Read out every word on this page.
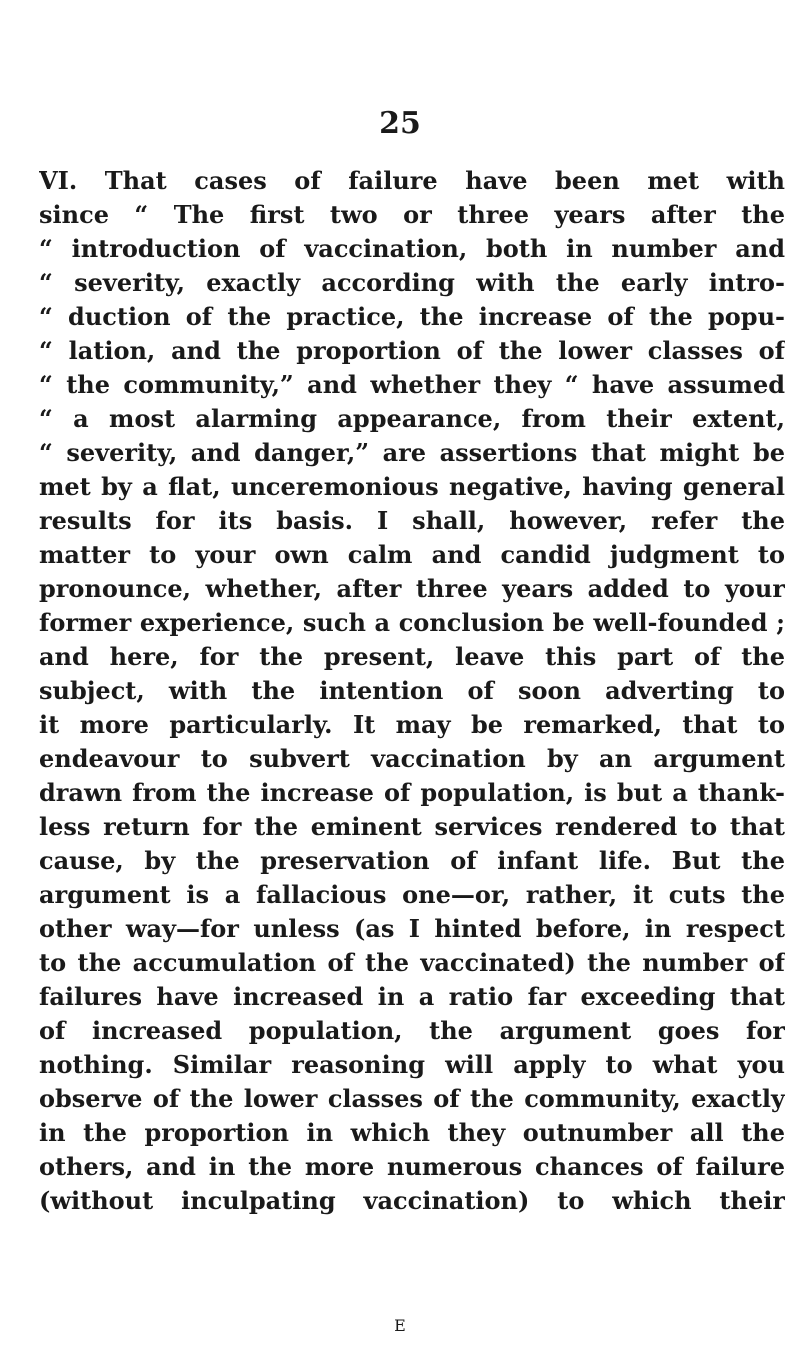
25
VI. That cases of failure have been met with
since “ The first two or three years after the
“ introduction of vaccination, both in number and
“ severity, exactly according with the early intro-
“ duction of the practice, the increase of the popu-
“ lation, and the proportion of the lower classes of
“ the community,” and whether they “ have assumed
“ a most alarming appearance, from their extent,
“ severity, and danger,” are assertions that might be
met by a flat, unceremonious negative, having general
results for its basis. I shall, however, refer the
matter to your own calm and candid judgment to
pronounce, whether, after three years added to your
former experience, such a conclusion be well-founded ;
and here, for the present, leave this part of the
subject, with the intention of soon adverting to
it more particularly. It may be remarked, that to
endeavour to subvert vaccination by an argument
drawn from the increase of population, is but a thank-
less return for the eminent services rendered to that
cause, by the preservation of infant life. But the
argument is a fallacious one—or, rather, it cuts the
other way—for unless (as I hinted before, in respect
to the accumulation of the vaccinated) the number of
failures have increased in a ratio far exceeding that
of increased population, the argument goes for
nothing. Similar reasoning will apply to what you
observe of the lower classes of the community, exactly
in the proportion in which they outnumber all the
others, and in the more numerous chances of failure
(without inculpating vaccination) to which their
E
